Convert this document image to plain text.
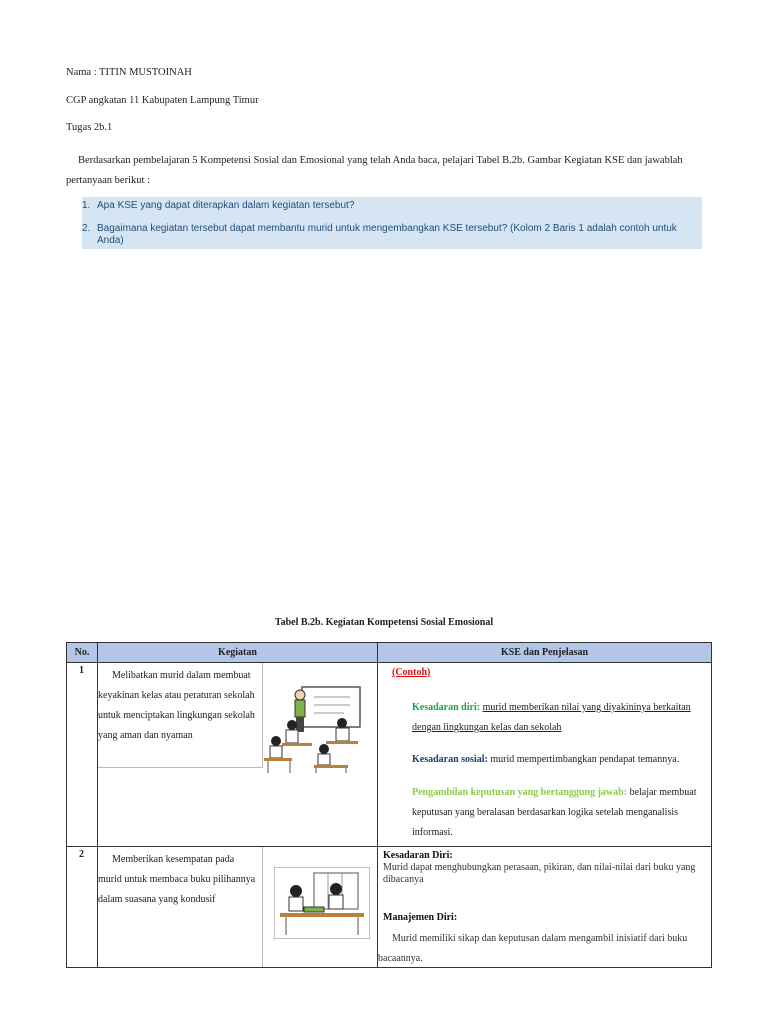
Nama : TITIN MUSTOINAH
CGP angkatan 11 Kabupaten Lampung Timur
Tugas 2b.1
Berdasarkan pembelajaran 5 Kompetensi Sosial dan Emosional yang telah Anda baca, pelajari Tabel B.2b. Gambar Kegiatan KSE dan jawablah pertanyaan berikut :
1. Apa KSE yang dapat diterapkan dalam kegiatan tersebut?
2. Bagaimana kegiatan tersebut dapat membantu murid untuk mengembangkan KSE tersebut? (Kolom 2 Baris 1 adalah contoh untuk Anda)
Tabel B.2b. Kegiatan Kompetensi Sosial Emosional
No.	Kegiatan	KSE dan Penjelasan

1	Melibatkan murid dalam membuat keyakinan kelas atau peraturan sekolah untuk menciptakan lingkungan sekolah yang aman dan nyaman	(Contoh)
Kesadaran diri: murid memberikan nilai yang diyakininya berkaitan dengan lingkungan kelas dan sekolah
Kesadaran sosial: murid mempertimbangkan pendapat temannya.
Pengambilan keputusan yang bertanggung jawab: belajar membuat keputusan yang beralasan berdasarkan logika setelah menganalisis informasi.

2	Memberikan kesempatan pada murid untuk membaca buku pilihannya dalam suasana yang kondusif	Kesadaran Diri:
Murid dapat menghubungkan perasaan, pikiran, dan nilai-nilai dari buku yang dibacanya
Manajemen Diri:
Murid memiliki sikap dan keputusan dalam mengambil inisiatif dari buku bacaannya.
